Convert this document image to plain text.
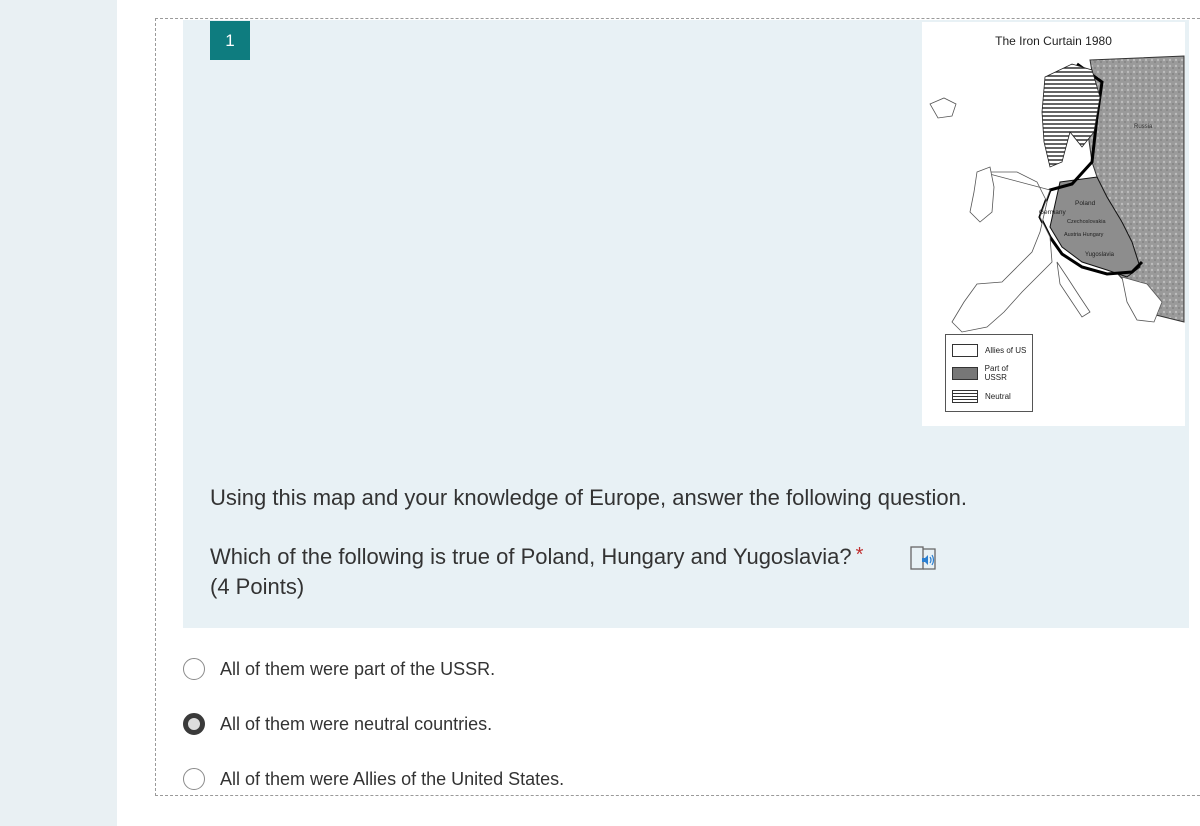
1	The Iron Curtain 1980
Russia
Poland
Germany
Czechoslovakia
Austria Hungary
Yugoslavia
Allies of US
Part of USSR
Neutral
Using this map and your knowledge of Europe, answer the following question.
Which of the following is true of Poland, Hungary and Yugoslavia? *
(4 Points)
All of them were part of the USSR.
All of them were neutral countries.
All of them were Allies of the United States.
